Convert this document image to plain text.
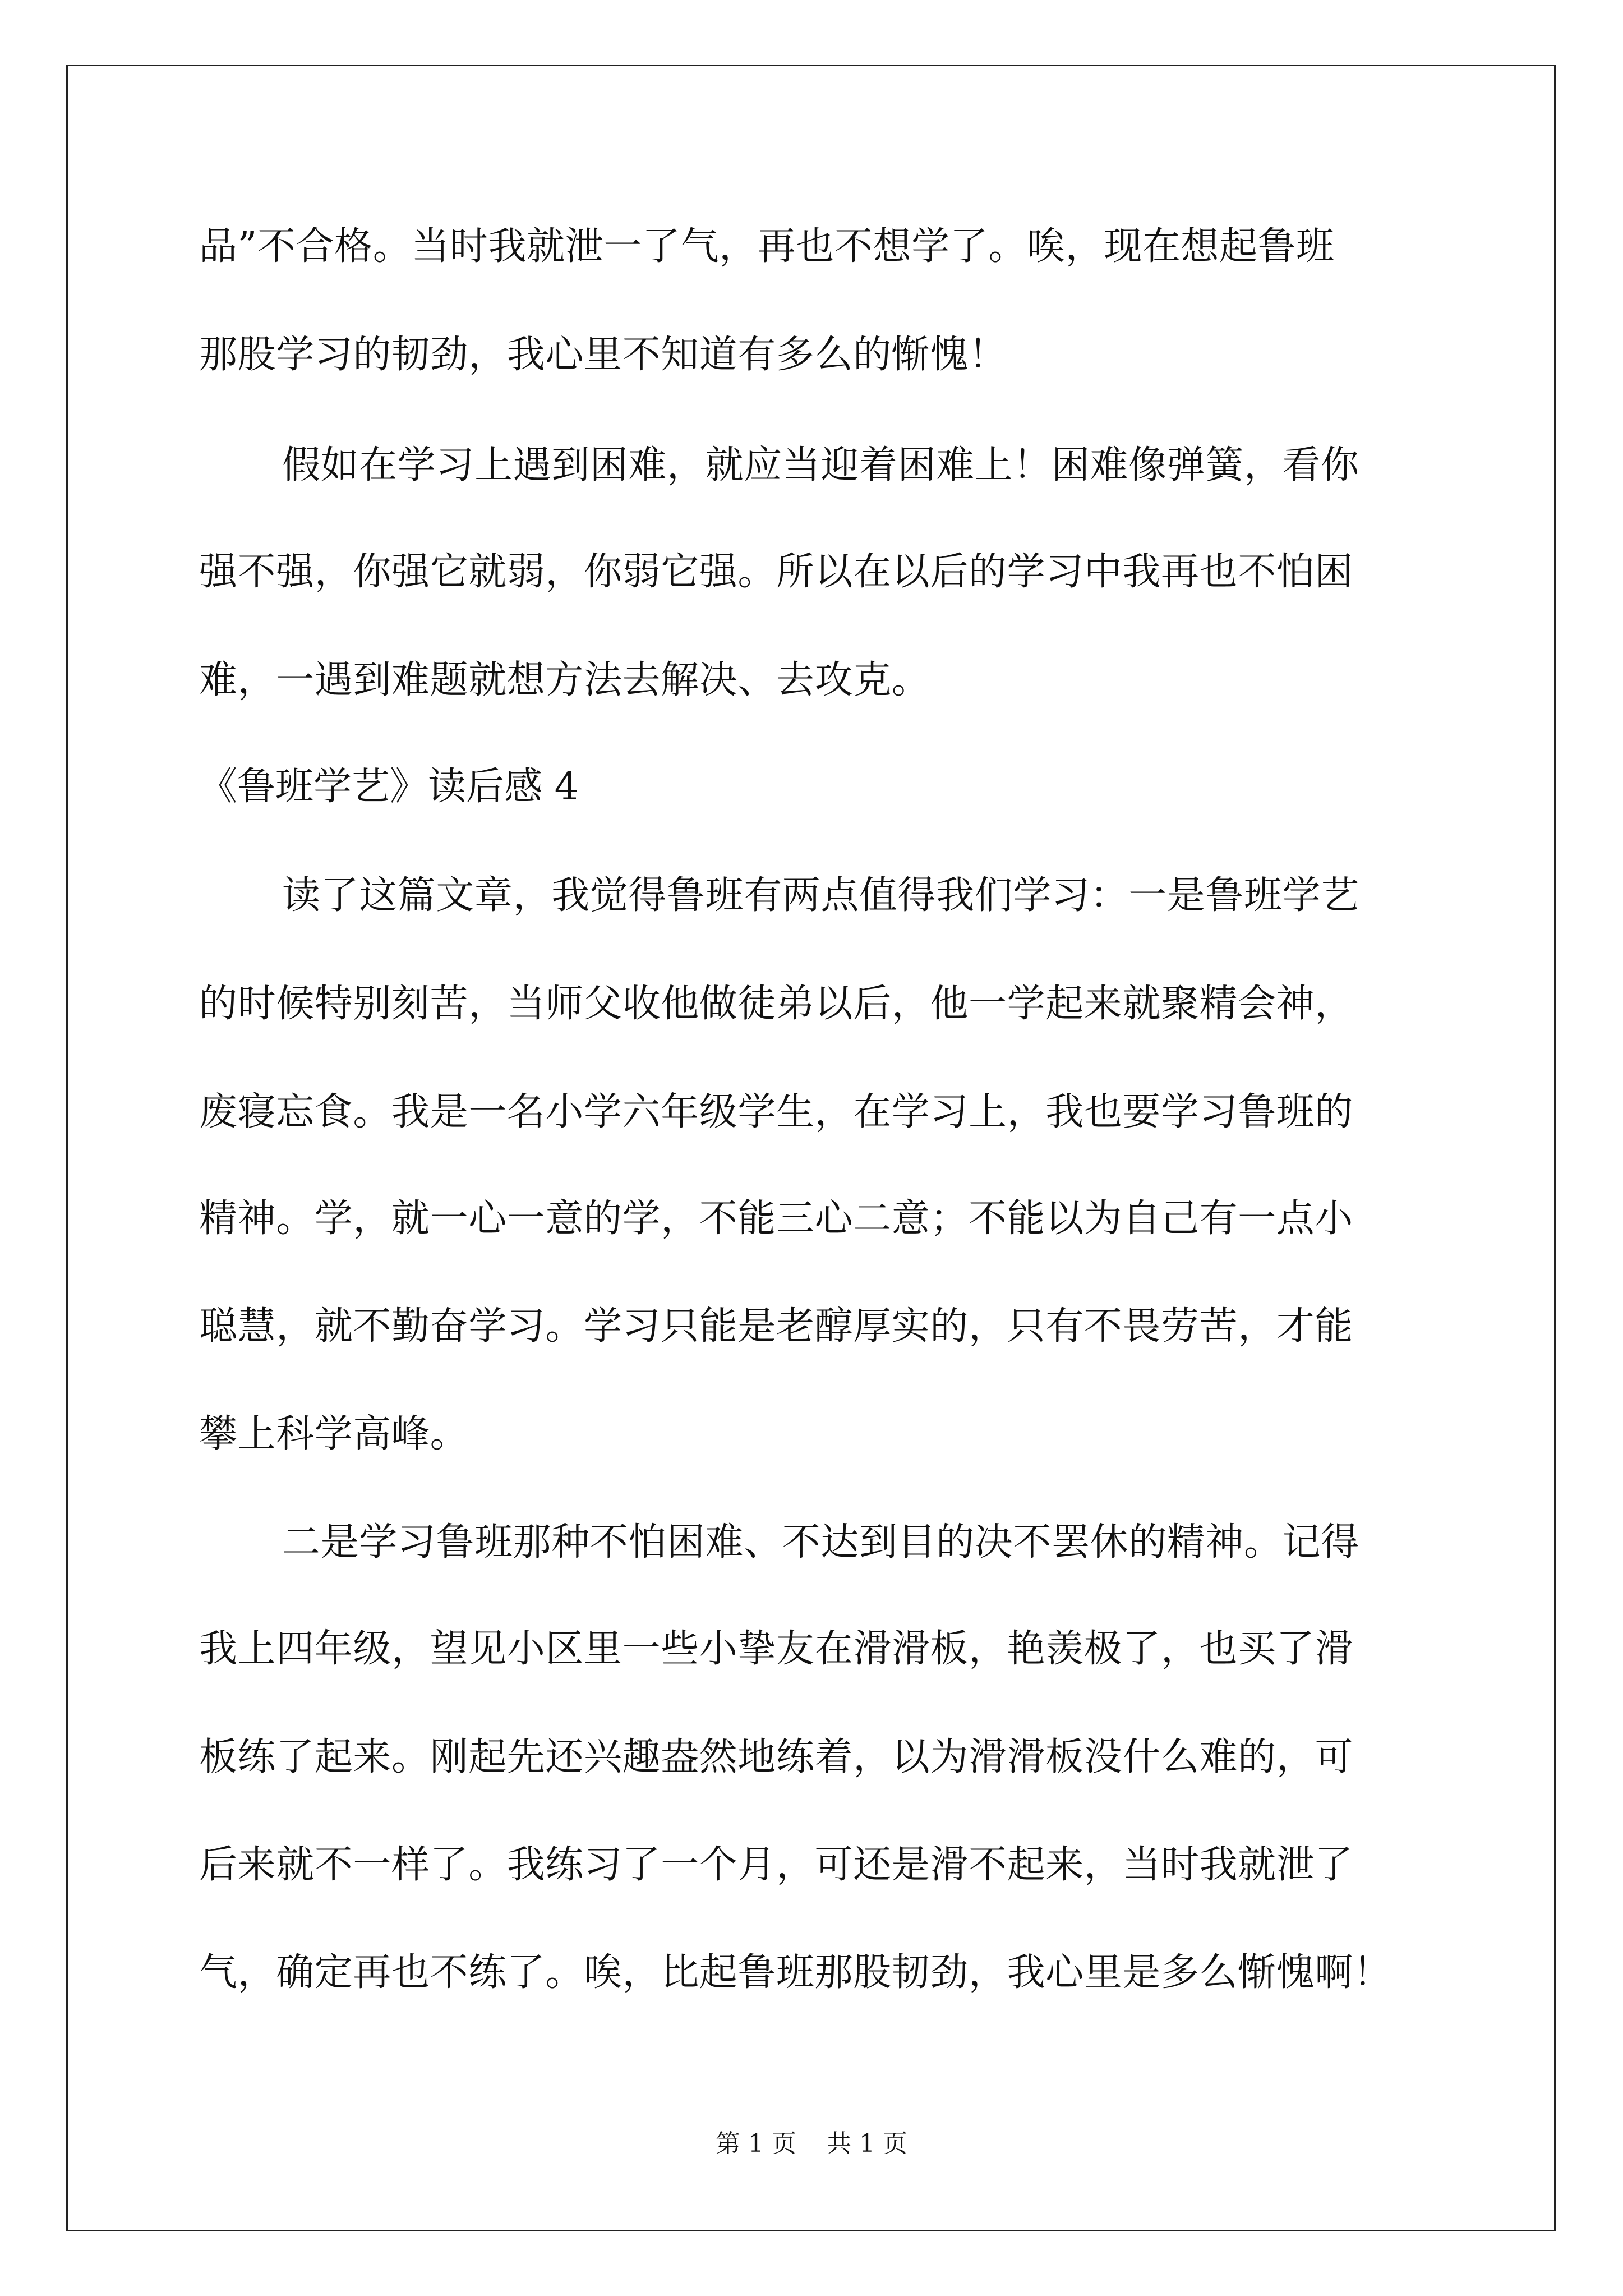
品”不合格。当时我就泄一了气，再也不想学了。唉，现在想起鲁班
那股学习的韧劲，我心里不知道有多么的惭愧！
假如在学习上遇到困难，就应当迎着困难上！困难像弹簧，看你
强不强，你强它就弱，你弱它强。所以在以后的学习中我再也不怕困
难，一遇到难题就想方法去解决、去攻克。
《鲁班学艺》读后感 4
读了这篇文章，我觉得鲁班有两点值得我们学习：一是鲁班学艺
的时候特别刻苦，当师父收他做徒弟以后，他一学起来就聚精会神，
废寝忘食。我是一名小学六年级学生，在学习上，我也要学习鲁班的
精神。学，就一心一意的学，不能三心二意；不能以为自己有一点小
聪慧，就不勤奋学习。学习只能是老醇厚实的，只有不畏劳苦，才能
攀上科学高峰。
二是学习鲁班那种不怕困难、不达到目的决不罢休的精神。记得
我上四年级，望见小区里一些小挚友在滑滑板，艳羡极了，也买了滑
板练了起来。刚起先还兴趣盎然地练着，以为滑滑板没什么难的，可
后来就不一样了。我练习了一个月，可还是滑不起来，当时我就泄了
气，确定再也不练了。唉，比起鲁班那股韧劲，我心里是多么惭愧啊！
第 1 页 共 1 页
